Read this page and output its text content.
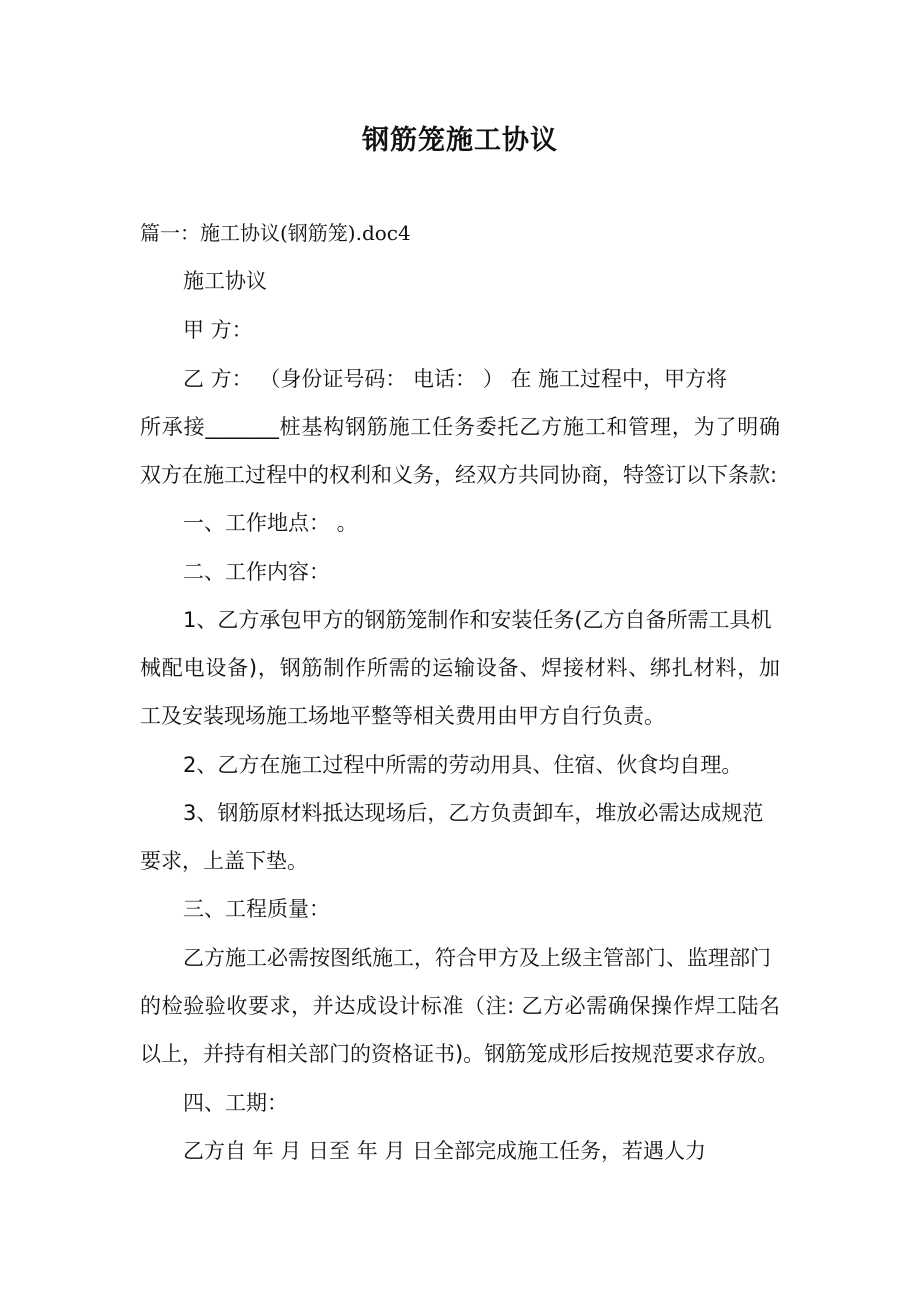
钢筋笼施工协议
篇一：施工协议(钢筋笼).doc4
施工协议
甲 方：
乙 方： （身份证号码： 电话： ） 在 施工过程中，甲方将
所承接_______桩基构钢筋施工任务委托乙方施工和管理，为了明确
双方在施工过程中的权利和义务，经双方共同协商，特签订以下条款:
一、工作地点： 。
二、工作内容：
1、乙方承包甲方的钢筋笼制作和安装任务(乙方自备所需工具机
械配电设备)，钢筋制作所需的运输设备、焊接材料、绑扎材料，加
工及安装现场施工场地平整等相关费用由甲方自行负责。
2、乙方在施工过程中所需的劳动用具、住宿、伙食均自理。
3、钢筋原材料抵达现场后，乙方负责卸车，堆放必需达成规范
要求，上盖下垫。
三、工程质量：
乙方施工必需按图纸施工，符合甲方及上级主管部门、监理部门
的检验验收要求，并达成设计标准（注: 乙方必需确保操作焊工陆名
以上，并持有相关部门的资格证书)。钢筋笼成形后按规范要求存放。
四、工期：
乙方自 年 月 日至 年 月 日全部完成施工任务，若遇人力
